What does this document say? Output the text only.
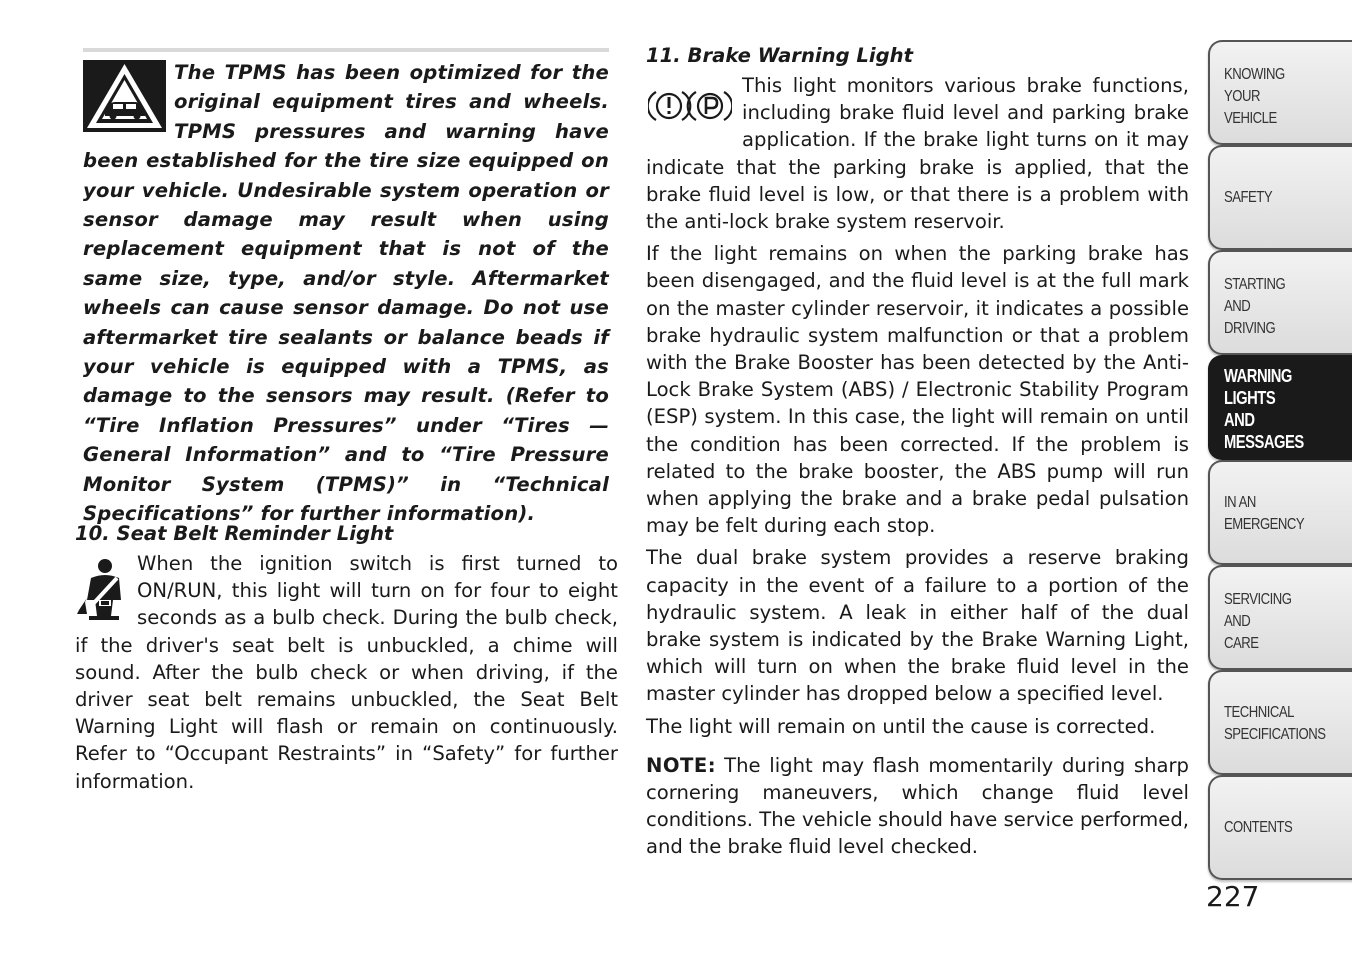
The TPMS has been optimized for the original equipment tires and wheels. TPMS pressures and warning have been established for the tire size equipped on your vehicle. Undesirable system operation or sensor damage may result when using replacement equipment that is not of the same size, type, and/or style. Aftermarket wheels can cause sensor damage. Do not use aftermarket tire sealants or balance beads if your vehicle is equipped with a TPMS, as damage to the sensors may result. (Refer to “Tire Inflation Pressures” under “Tires — General Information” and to “Tire Pressure Monitor System (TPMS)” in “Technical Specifications” for further information).

10. Seat Belt Reminder Light

When the ignition switch is first turned to ON/RUN, this light will turn on for four to eight seconds as a bulb check. During the bulb check, if the driver's seat belt is unbuckled, a chime will sound. After the bulb check or when driving, if the driver seat belt remains unbuckled, the Seat Belt Warning Light will flash or remain on continuously. Refer to “Occupant Restraints” in “Safety” for further information.

11. Brake Warning Light

This light monitors various brake functions, including brake fluid level and parking brake application. If the brake light turns on it may indicate that the parking brake is applied, that the brake fluid level is low, or that there is a problem with the anti-lock brake system reservoir.

If the light remains on when the parking brake has been disengaged, and the fluid level is at the full mark on the master cylinder reservoir, it indicates a possible brake hydraulic system malfunction or that a problem with the Brake Booster has been detected by the Anti-Lock Brake System (ABS) / Electronic Stability Program (ESP) system. In this case, the light will remain on until the condition has been corrected. If the problem is related to the brake booster, the ABS pump will run when applying the brake and a brake pedal pulsation may be felt during each stop.

The dual brake system provides a reserve braking capacity in the event of a failure to a portion of the hydraulic system. A leak in either half of the dual brake system is indicated by the Brake Warning Light, which will turn on when the brake fluid level in the master cylinder has dropped below a specified level.

The light will remain on until the cause is corrected.

NOTE: The light may flash momentarily during sharp cornering maneuvers, which change fluid level conditions. The vehicle should have service performed, and the brake fluid level checked.

KNOWING
YOUR
VEHICLE
SAFETY
STARTING
AND
DRIVING
WARNING
LIGHTS
AND
MESSAGES
IN AN
EMERGENCY
SERVICING
AND
CARE
TECHNICAL
SPECIFICATIONS
CONTENTS
227
